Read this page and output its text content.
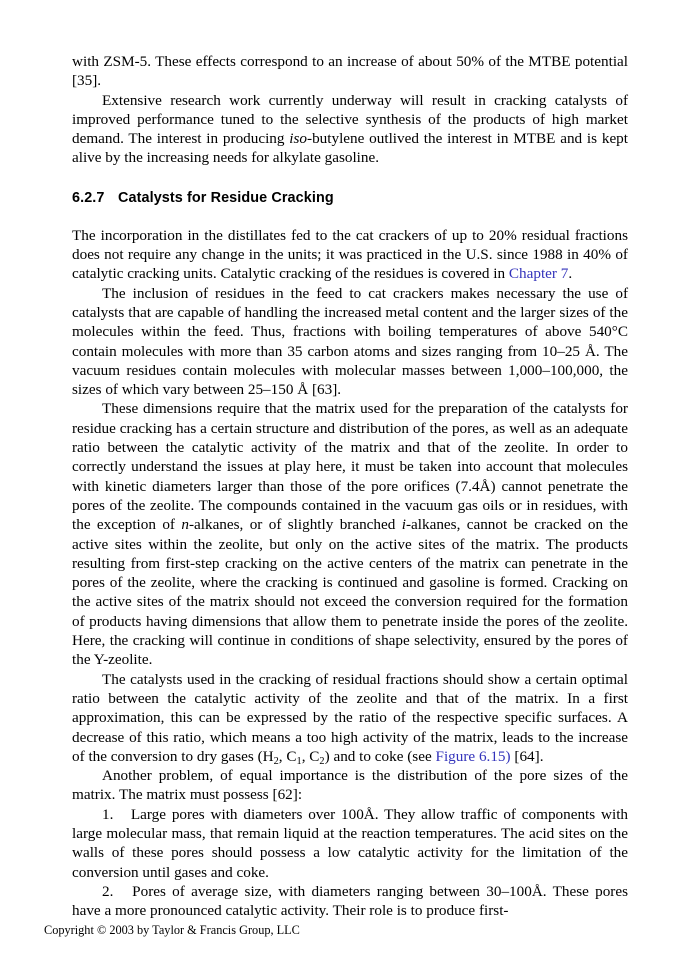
with ZSM-5. These effects correspond to an increase of about 50% of the MTBE potential [35].

Extensive research work currently underway will result in cracking catalysts of improved performance tuned to the selective synthesis of the products of high market demand. The interest in producing iso-butylene outlived the interest in MTBE and is kept alive by the increasing needs for alkylate gasoline.

6.2.7 Catalysts for Residue Cracking

The incorporation in the distillates fed to the cat crackers of up to 20% residual fractions does not require any change in the units; it was practiced in the U.S. since 1988 in 40% of catalytic cracking units. Catalytic cracking of the residues is covered in Chapter 7.

The inclusion of residues in the feed to cat crackers makes necessary the use of catalysts that are capable of handling the increased metal content and the larger sizes of the molecules within the feed. Thus, fractions with boiling temperatures of above 540°C contain molecules with more than 35 carbon atoms and sizes ranging from 10–25 Å. The vacuum residues contain molecules with molecular masses between 1,000–100,000, the sizes of which vary between 25–150 Å [63].

These dimensions require that the matrix used for the preparation of the catalysts for residue cracking has a certain structure and distribution of the pores, as well as an adequate ratio between the catalytic activity of the matrix and that of the zeolite. In order to correctly understand the issues at play here, it must be taken into account that molecules with kinetic diameters larger than those of the pore orifices (7.4Å) cannot penetrate the pores of the zeolite. The compounds contained in the vacuum gas oils or in residues, with the exception of n-alkanes, or of slightly branched i-alkanes, cannot be cracked on the active sites within the zeolite, but only on the active sites of the matrix. The products resulting from first-step cracking on the active centers of the matrix can penetrate in the pores of the zeolite, where the cracking is continued and gasoline is formed. Cracking on the active sites of the matrix should not exceed the conversion required for the formation of products having dimensions that allow them to penetrate inside the pores of the zeolite. Here, the cracking will continue in conditions of shape selectivity, ensured by the pores of the Y-zeolite.

The catalysts used in the cracking of residual fractions should show a certain optimal ratio between the catalytic activity of the zeolite and that of the matrix. In a first approximation, this can be expressed by the ratio of the respective specific surfaces. A decrease of this ratio, which means a too high activity of the matrix, leads to the increase of the conversion to dry gases ($H_2$, $C_1$, $C_2$) and to coke (see Figure 6.15) [64].

Another problem, of equal importance is the distribution of the pore sizes of the matrix. The matrix must possess [62]:

1. Large pores with diameters over 100Å. They allow traffic of components with large molecular mass, that remain liquid at the reaction temperatures. The acid sites on the walls of these pores should possess a low catalytic activity for the limitation of the conversion until gases and coke.

2. Pores of average size, with diameters ranging between 30–100Å. These pores have a more pronounced catalytic activity. Their role is to produce first-

Copyright © 2003 by Taylor & Francis Group, LLC
